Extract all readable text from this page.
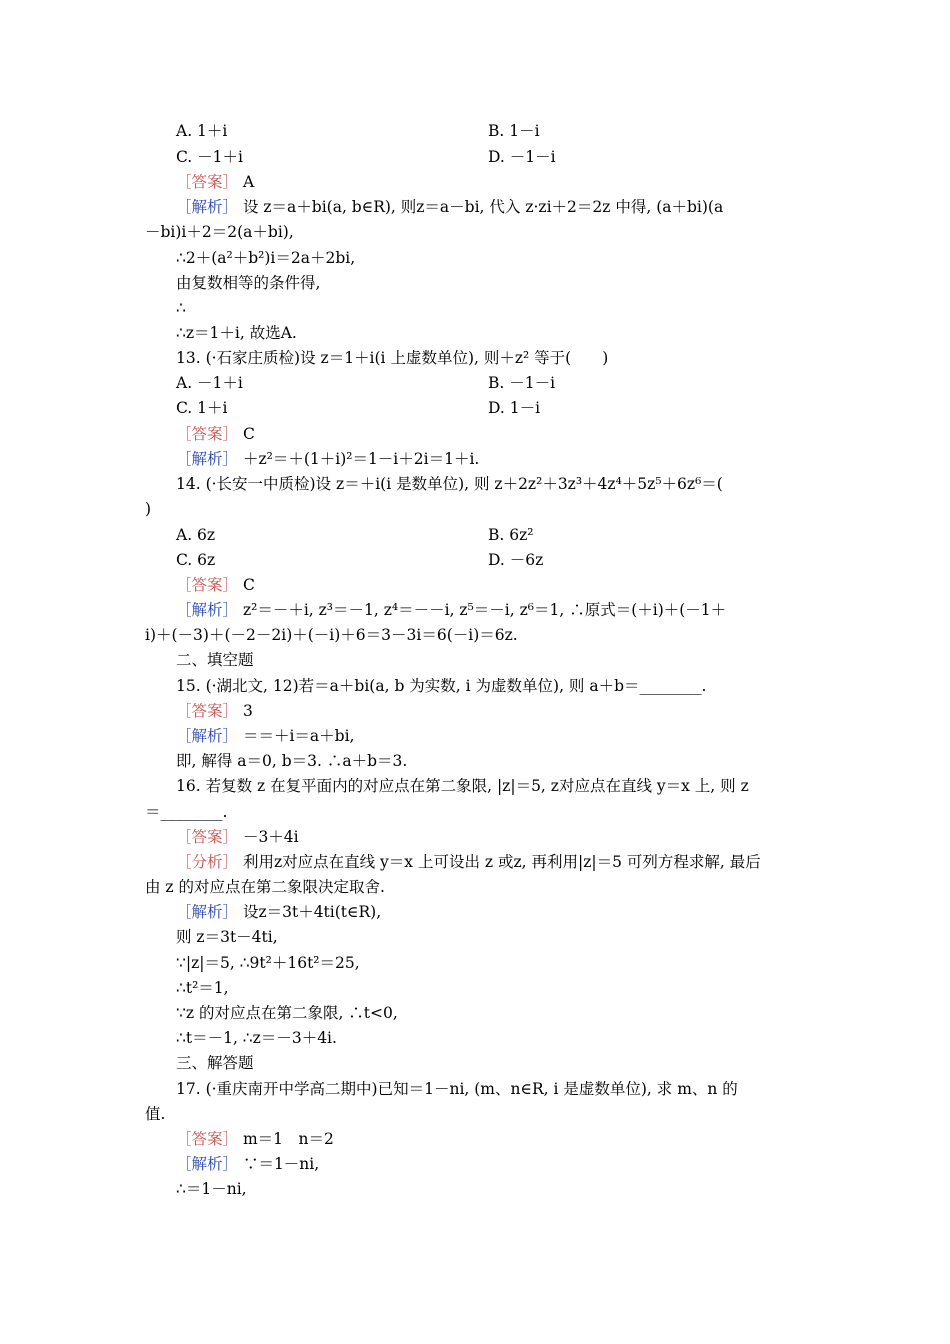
A. 1＋i	B. 1－i
C. －1＋i	D. －1－i
［答案］ A
［解析］ 设 z＝a＋bi(a, b∈R), 则z＝a－bi, 代入 z·zi＋2＝2z 中得, (a＋bi)(a
－bi)i＋2＝2(a＋bi),
∴2＋(a²＋b²)i＝2a＋2bi,
由复数相等的条件得,
∴
∴z＝1＋i, 故选A.
13. (·石家庄质检)设 z＝1＋i(i 上虚数单位), 则＋z² 等于(　　)
A. －1＋i	B. －1－i
C. 1＋i	D. 1－i
［答案］ C
［解析］ ＋z²＝＋(1＋i)²＝1－i＋2i＝1＋i.
14. (·长安一中质检)设 z＝＋i(i 是数单位), 则 z＋2z²＋3z³＋4z⁴＋5z⁵＋6z⁶＝(
)
A. 6z	B. 6z²
C. 6z	D. －6z
［答案］ C
［解析］ z²＝－＋i, z³＝－1, z⁴＝－－i, z⁵＝－i, z⁶＝1, ∴原式＝(＋i)＋(－1＋
i)＋(－3)＋(－2－2i)＋(－i)＋6＝3－3i＝6(－i)＝6z.
二、填空题
15. (·湖北文, 12)若＝a＋bi(a, b 为实数, i 为虚数单位), 则 a＋b＝________.
［答案］ 3
［解析］ ＝＝＋i＝a＋bi,
即, 解得 a＝0, b＝3. ∴a＋b＝3.
16. 若复数 z 在复平面内的对应点在第二象限, |z|＝5, z对应点在直线 y＝x 上, 则 z
＝________.
［答案］ －3＋4i
［分析］ 利用z对应点在直线 y＝x 上可设出 z 或z, 再利用|z|＝5 可列方程求解, 最后
由 z 的对应点在第二象限决定取舍.
［解析］ 设z＝3t＋4ti(t∈R),
则 z＝3t－4ti,
∵|z|＝5, ∴9t²＋16t²＝25,
∴t²＝1,
∵z 的对应点在第二象限, ∴t<0,
∴t＝－1, ∴z＝－3＋4i.
三、解答题
17. (·重庆南开中学高二期中)已知＝1－ni, (m、n∈R, i 是虚数单位), 求 m、n 的
值.
［答案］ m＝1　n＝2
［解析］ ∵＝1－ni,
∴＝1－ni,
